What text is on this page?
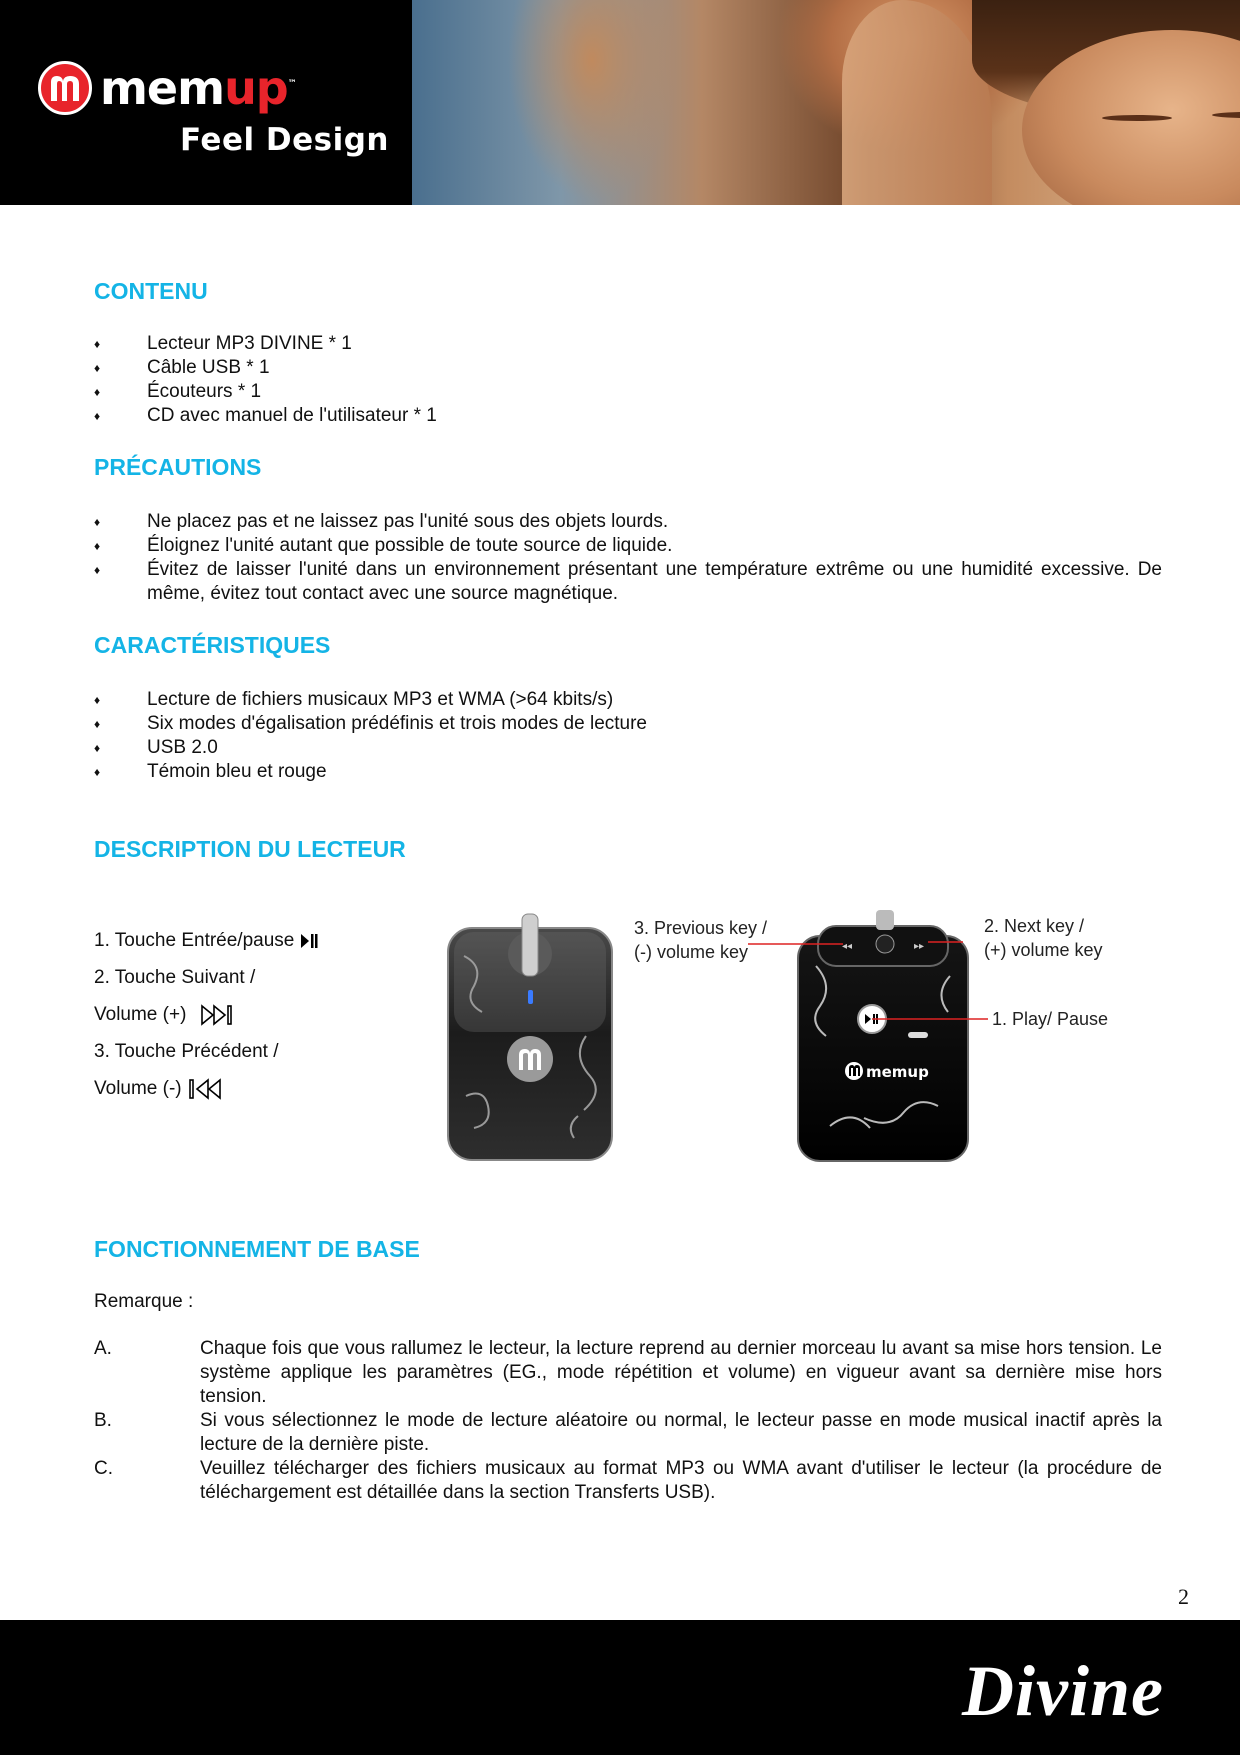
memup™
Feel Design
CONTENU
♦ Lecteur MP3 DIVINE * 1
♦ Câble USB * 1
♦ Écouteurs * 1
♦ CD avec manuel de l'utilisateur * 1
PRÉCAUTIONS
♦ Ne placez pas et ne laissez pas l'unité sous des objets lourds.
♦ Éloignez l'unité autant que possible de toute source de liquide.
♦ Évitez de laisser l'unité dans un environnement présentant une température extrême ou une humidité excessive. De même, évitez tout contact avec une source magnétique.
CARACTÉRISTIQUES
♦ Lecture de fichiers musicaux MP3 et WMA (>64 kbits/s)
♦ Six modes d'égalisation prédéfinis et trois modes de lecture
♦ USB 2.0
♦ Témoin bleu et rouge
DESCRIPTION DU LECTEUR
1. Touche Entrée/pause
2. Touche Suivant /
Volume (+)
3. Touche Précédent /
Volume (-)
◂◂	▸▸
memup
3. Previous key /
(-) volume key
2. Next key /
(+) volume key
1. Play/ Pause
FONCTIONNEMENT DE BASE
Remarque :
A.	Chaque fois que vous rallumez le lecteur, la lecture reprend au dernier morceau lu avant sa mise hors tension. Le système applique les paramètres (EG., mode répétition et volume) en vigueur avant sa dernière mise hors tension.
B.	Si vous sélectionnez le mode de lecture aléatoire ou normal, le lecteur passe en mode musical inactif après la lecture de la dernière piste.
C.	Veuillez télécharger des fichiers musicaux au format MP3 ou WMA avant d'utiliser le lecteur (la procédure de téléchargement est détaillée dans la section Transferts USB).
2
Divine
